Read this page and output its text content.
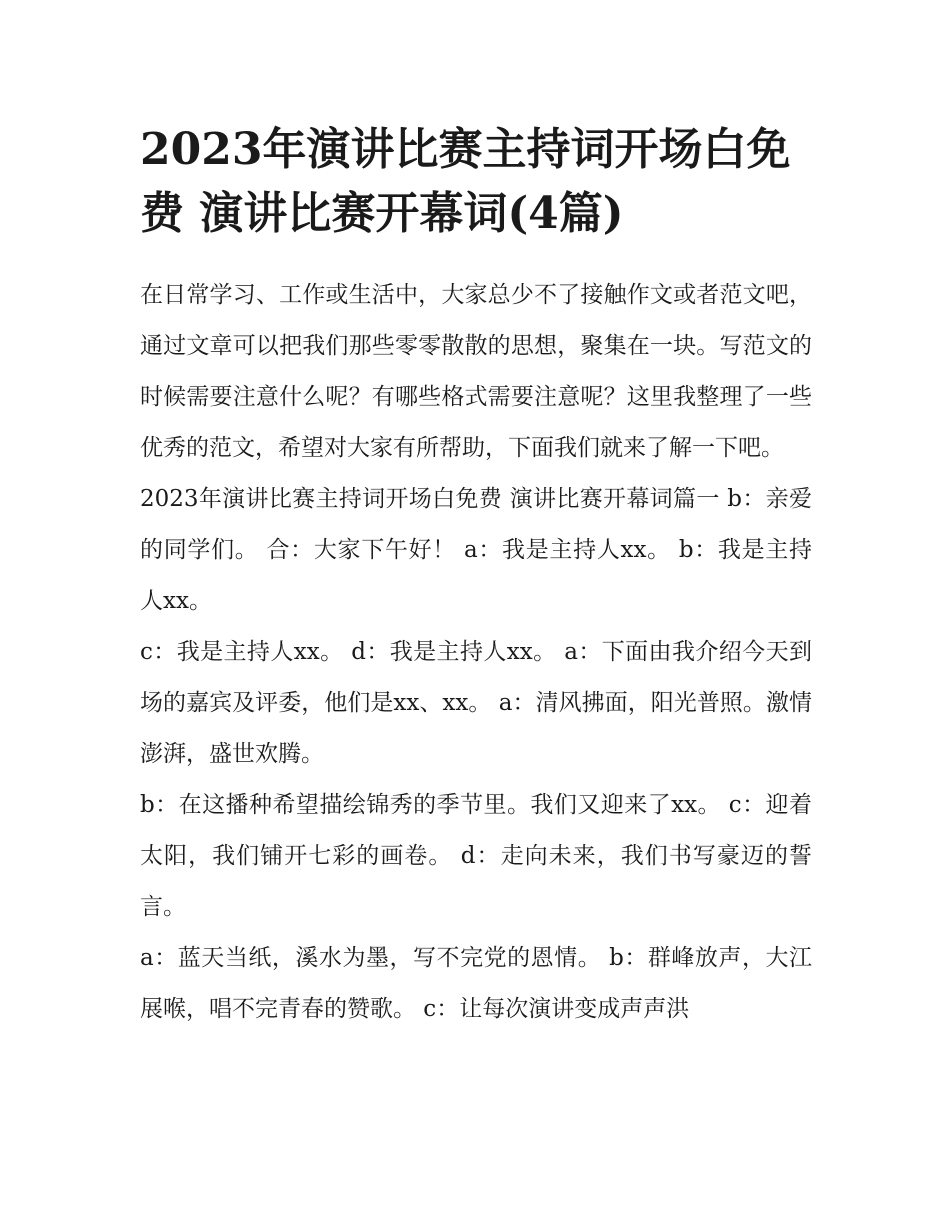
2023年演讲比赛主持词开场白免费 演讲比赛开幕词(4篇)

在日常学习、工作或生活中，大家总少不了接触作文或者范文吧，通过文章可以把我们那些零零散散的思想，聚集在一块。写范文的时候需要注意什么呢？有哪些格式需要注意呢？这里我整理了一些优秀的范文，希望对大家有所帮助，下面我们就来了解一下吧。

2023年演讲比赛主持词开场白免费 演讲比赛开幕词篇一 b：亲爱的同学们。 合：大家下午好！ a：我是主持人xx。 b：我是主持人xx。

c：我是主持人xx。 d：我是主持人xx。 a：下面由我介绍今天到场的嘉宾及评委，他们是xx、xx。 a：清风拂面，阳光普照。激情澎湃，盛世欢腾。

b：在这播种希望描绘锦秀的季节里。我们又迎来了xx。 c：迎着太阳，我们铺开七彩的画卷。 d：走向未来，我们书写豪迈的誓言。

a：蓝天当纸，溪水为墨，写不完党的恩情。 b：群峰放声，大江展喉，唱不完青春的赞歌。 c：让每次演讲变成声声洪
